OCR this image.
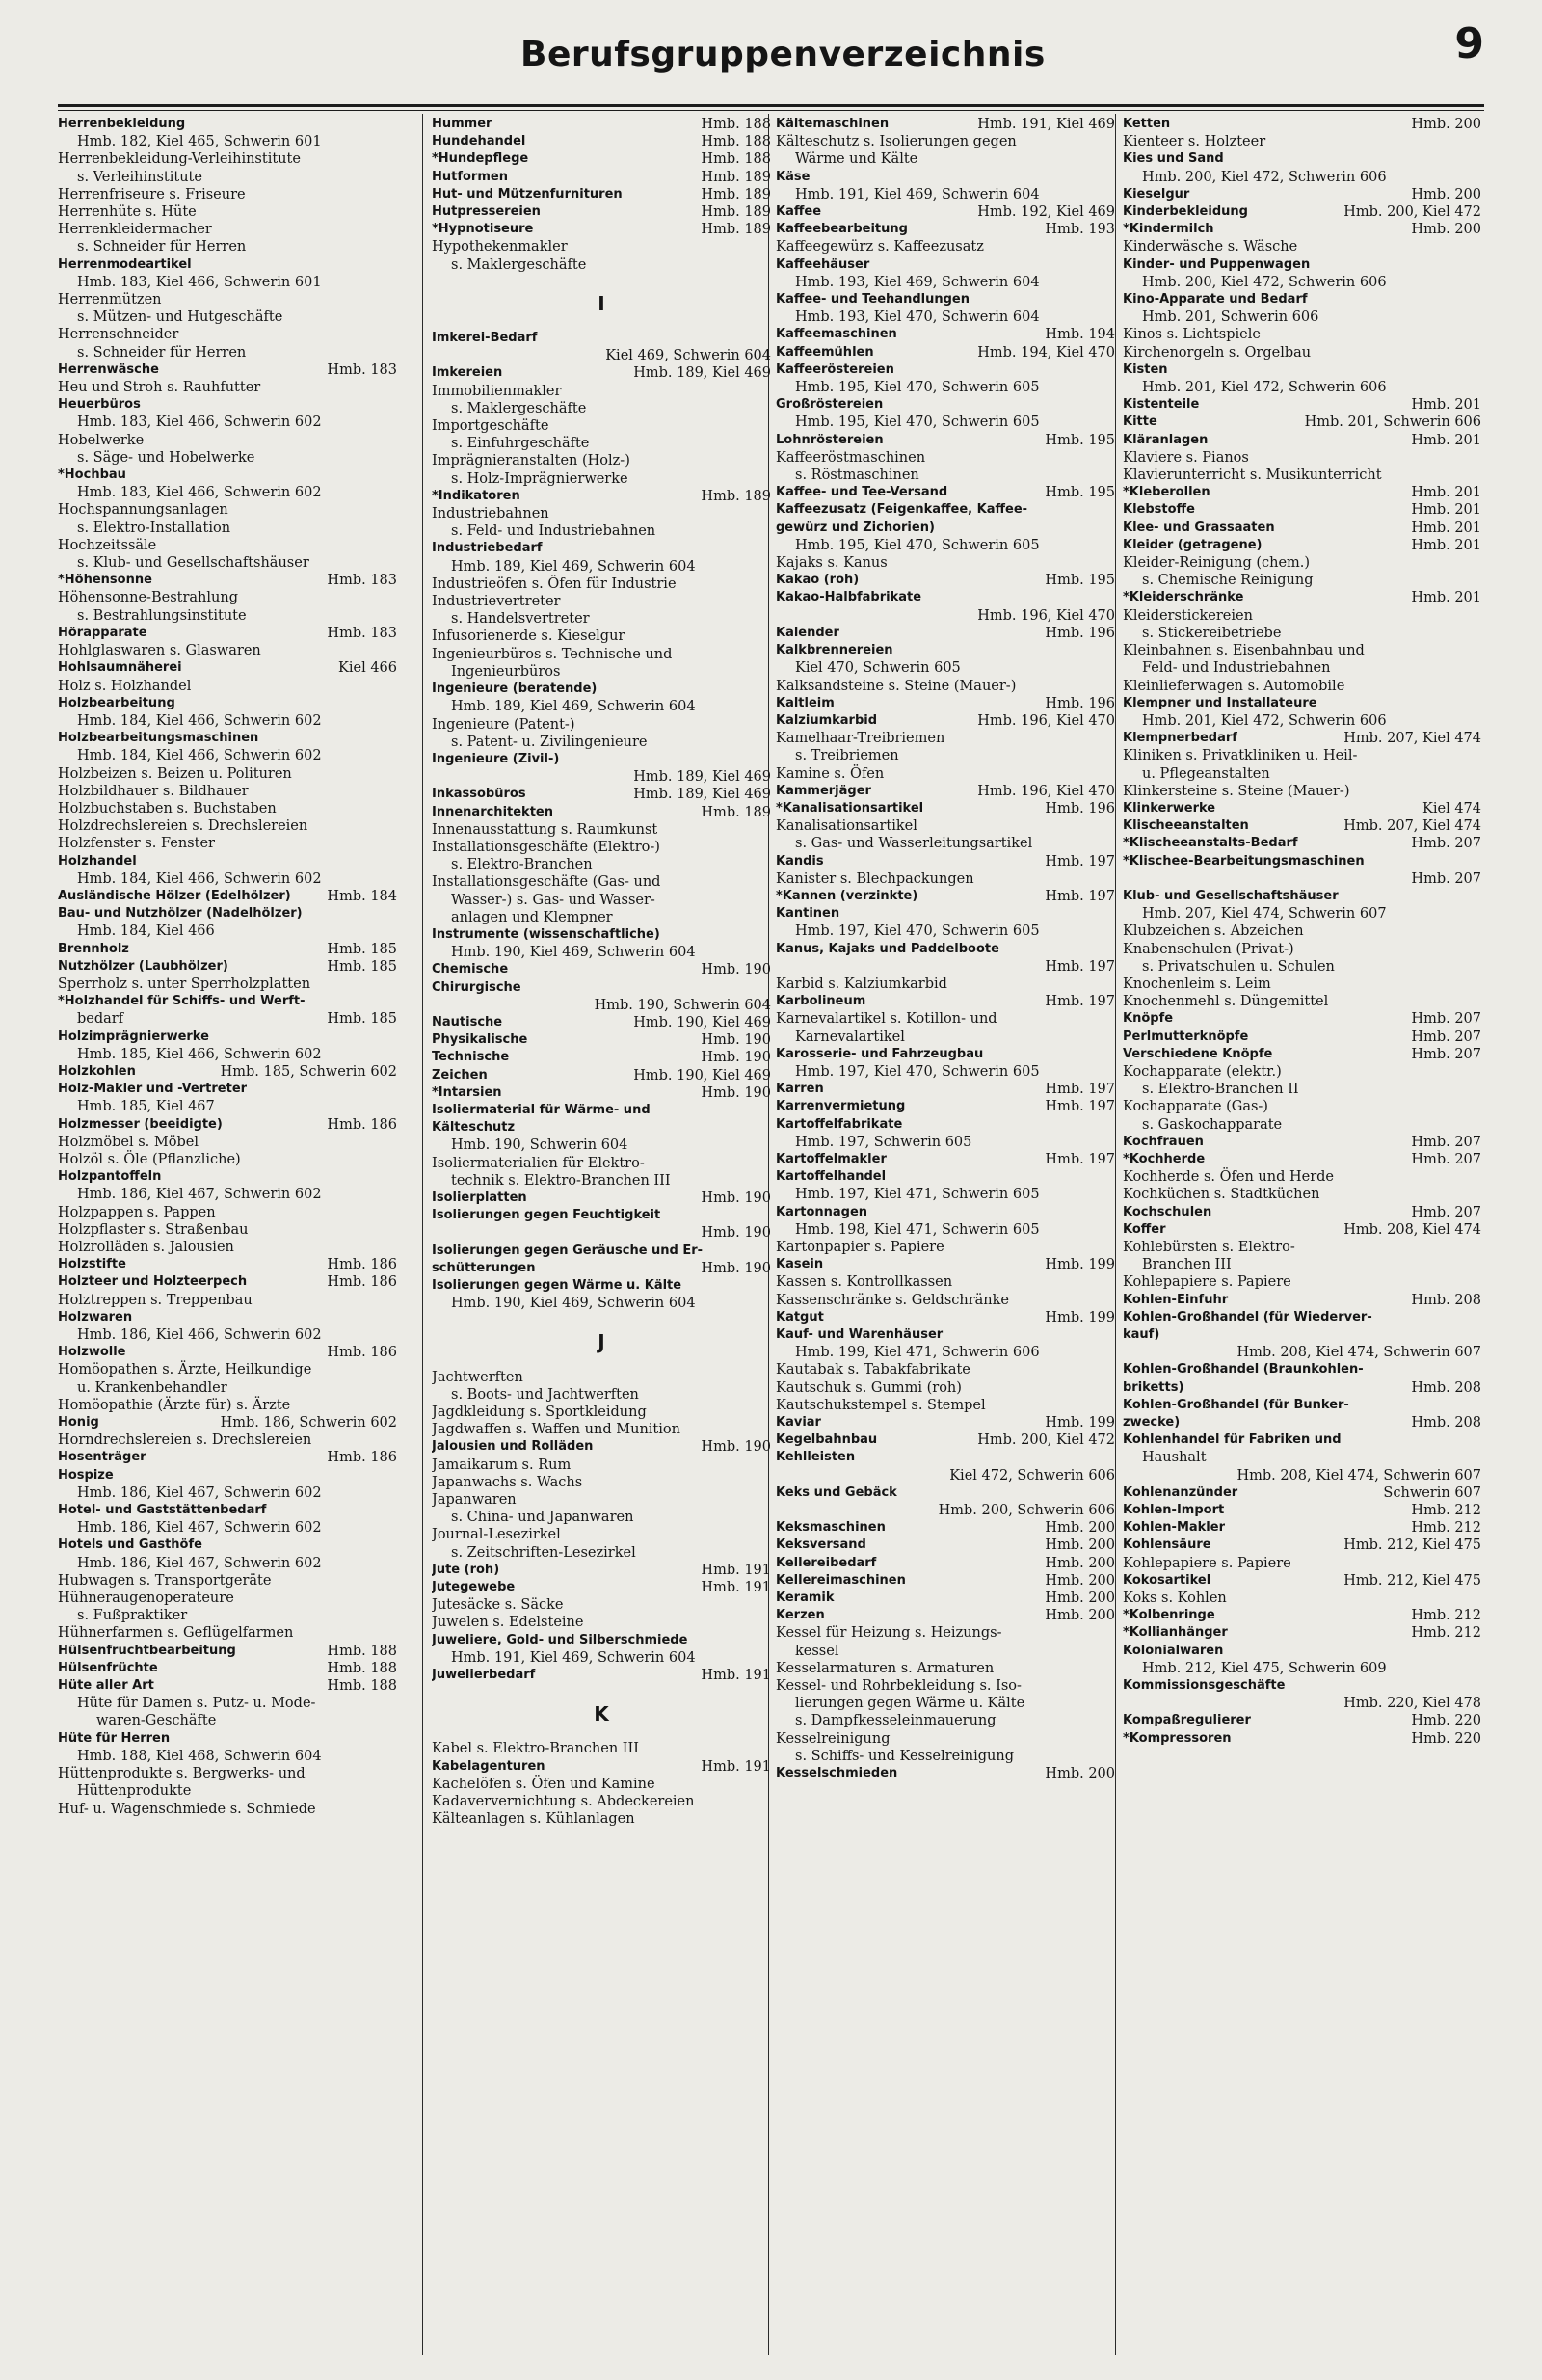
Berufsgruppenverzeichnis	9
Herrenbekleidung
Hmb. 182, Kiel 465, Schwerin 601
Herrenbekleidung-Verleihinstitute
s. Verleihinstitute
Herrenfriseure s. Friseure
Herrenhüte s. Hüte
Herrenkleidermacher
s. Schneider für Herren
Herrenmodeartikel
Hmb. 183, Kiel 466, Schwerin 601
Herrenmützen
s. Mützen- und Hutgeschäfte
Herrenschneider
s. Schneider für Herren
Herrenwäsche	Hmb. 183
Heu und Stroh s. Rauhfutter
Heuerbüros
Hmb. 183, Kiel 466, Schwerin 602
Hobelwerke
s. Säge- und Hobelwerke
*Hochbau
Hmb. 183, Kiel 466, Schwerin 602
Hochspannungsanlagen
s. Elektro-Installation
Hochzeitssäle
s. Klub- und Gesellschaftshäuser
*Höhensonne	Hmb. 183
Höhensonne-Bestrahlung
s. Bestrahlungsinstitute
Hörapparate	Hmb. 183
Hohlglaswaren s. Glaswaren
Hohlsaumnäherei	Kiel 466
Holz s. Holzhandel
Holzbearbeitung
Hmb. 184, Kiel 466, Schwerin 602
Holzbearbeitungsmaschinen
Hmb. 184, Kiel 466, Schwerin 602
Holzbeizen s. Beizen u. Polituren
Holzbildhauer s. Bildhauer
Holzbuchstaben s. Buchstaben
Holzdrechslereien s. Drechslereien
Holzfenster s. Fenster
Holzhandel
Hmb. 184, Kiel 466, Schwerin 602
Ausländische Hölzer (Edelhölzer)	Hmb. 184
Bau- und Nutzhölzer (Nadelhölzer)
Hmb. 184, Kiel 466
Brennholz	Hmb. 185
Nutzhölzer (Laubhölzer)	Hmb. 185
Sperrholz s. unter Sperrholzplatten
*Holzhandel für Schiffs- und Werft-
bedarf	Hmb. 185
Holzimprägnierwerke
Hmb. 185, Kiel 466, Schwerin 602
Holzkohlen	Hmb. 185, Schwerin 602
Holz-Makler und -Vertreter
Hmb. 185, Kiel 467
Holzmesser (beeidigte)	Hmb. 186
Holzmöbel s. Möbel
Holzöl s. Öle (Pflanzliche)
Holzpantoffeln
Hmb. 186, Kiel 467, Schwerin 602
Holzpappen s. Pappen
Holzpflaster s. Straßenbau
Holzrolläden s. Jalousien
Holzstifte	Hmb. 186
Holzteer und Holzteerpech	Hmb. 186
Holztreppen s. Treppenbau
Holzwaren
Hmb. 186, Kiel 466, Schwerin 602
Holzwolle	Hmb. 186
Homöopathen s. Ärzte, Heilkundige
u. Krankenbehandler
Homöopathie (Ärzte für) s. Ärzte
Honig	Hmb. 186, Schwerin 602
Horndrechslereien s. Drechslereien
Hosenträger	Hmb. 186
Hospize
Hmb. 186, Kiel 467, Schwerin 602
Hotel- und Gaststättenbedarf
Hmb. 186, Kiel 467, Schwerin 602
Hotels und Gasthöfe
Hmb. 186, Kiel 467, Schwerin 602
Hubwagen s. Transportgeräte
Hühneraugenoperateure
s. Fußpraktiker
Hühnerfarmen s. Geflügelfarmen
Hülsenfruchtbearbeitung	Hmb. 188
Hülsenfrüchte	Hmb. 188
Hüte aller Art	Hmb. 188
Hüte für Damen s. Putz- u. Mode-
waren-Geschäfte
Hüte für Herren
Hmb. 188, Kiel 468, Schwerin 604
Hüttenprodukte s. Bergwerks- und
Hüttenprodukte
Huf- u. Wagenschmiede s. Schmiede
Hummer	Hmb. 188
Hundehandel	Hmb. 188
*Hundepflege	Hmb. 188
Hutformen	Hmb. 189
Hut- und Mützenfurnituren	Hmb. 189
Hutpressereien	Hmb. 189
*Hypnotiseure	Hmb. 189
Hypothekenmakler
s. Maklergeschäfte
I
Imkerei-Bedarf
Kiel 469, Schwerin 604
Imkereien	Hmb. 189, Kiel 469
Immobilienmakler
s. Maklergeschäfte
Importgeschäfte
s. Einfuhrgeschäfte
Imprägnieranstalten (Holz-)
s. Holz-Imprägnierwerke
*Indikatoren	Hmb. 189
Industriebahnen
s. Feld- und Industriebahnen
Industriebedarf
Hmb. 189, Kiel 469, Schwerin 604
Industrieöfen s. Öfen für Industrie
Industrievertreter
s. Handelsvertreter
Infusorienerde s. Kieselgur
Ingenieurbüros s. Technische und
Ingenieurbüros
Ingenieure (beratende)
Hmb. 189, Kiel 469, Schwerin 604
Ingenieure (Patent-)
s. Patent- u. Zivilingenieure
Ingenieure (Zivil-)
Hmb. 189, Kiel 469
Inkassobüros	Hmb. 189, Kiel 469
Innenarchitekten	Hmb. 189
Innenausstattung s. Raumkunst
Installationsgeschäfte (Elektro-)
s. Elektro-Branchen
Installationsgeschäfte (Gas- und
Wasser-) s. Gas- und Wasser-
anlagen und Klempner
Instrumente (wissenschaftliche)
Hmb. 190, Kiel 469, Schwerin 604
Chemische	Hmb. 190
Chirurgische
Hmb. 190, Schwerin 604
Nautische	Hmb. 190, Kiel 469
Physikalische	Hmb. 190
Technische	Hmb. 190
Zeichen	Hmb. 190, Kiel 469
*Intarsien	Hmb. 190
Isoliermaterial für Wärme- und
Kälteschutz
Hmb. 190, Schwerin 604
Isoliermaterialien für Elektro-
technik s. Elektro-Branchen III
Isolierplatten	Hmb. 190
Isolierungen gegen Feuchtigkeit
Hmb. 190
Isolierungen gegen Geräusche und Er-
schütterungen	Hmb. 190
Isolierungen gegen Wärme u. Kälte
Hmb. 190, Kiel 469, Schwerin 604
J
Jachtwerften
s. Boots- und Jachtwerften
Jagdkleidung s. Sportkleidung
Jagdwaffen s. Waffen und Munition
Jalousien und Rolläden	Hmb. 190
Jamaikarum s. Rum
Japanwachs s. Wachs
Japanwaren
s. China- und Japanwaren
Journal-Lesezirkel
s. Zeitschriften-Lesezirkel
Jute (roh)	Hmb. 191
Jutegewebe	Hmb. 191
Jutesäcke s. Säcke
Juwelen s. Edelsteine
Juweliere, Gold- und Silberschmiede
Hmb. 191, Kiel 469, Schwerin 604
Juwelierbedarf	Hmb. 191
K
Kabel s. Elektro-Branchen III
Kabelagenturen	Hmb. 191
Kachelöfen s. Öfen und Kamine
Kadaververnichtung s. Abdeckereien
Kälteanlagen s. Kühlanlagen
Kältemaschinen	Hmb. 191, Kiel 469
Kälteschutz s. Isolierungen gegen
Wärme und Kälte
Käse
Hmb. 191, Kiel 469, Schwerin 604
Kaffee	Hmb. 192, Kiel 469
Kaffeebearbeitung	Hmb. 193
Kaffeegewürz s. Kaffeezusatz
Kaffeehäuser
Hmb. 193, Kiel 469, Schwerin 604
Kaffee- und Teehandlungen
Hmb. 193, Kiel 470, Schwerin 604
Kaffeemaschinen	Hmb. 194
Kaffeemühlen	Hmb. 194, Kiel 470
Kaffeeröstereien
Hmb. 195, Kiel 470, Schwerin 605
Großröstereien
Hmb. 195, Kiel 470, Schwerin 605
Lohnröstereien	Hmb. 195
Kaffeeröstmaschinen
s. Röstmaschinen
Kaffee- und Tee-Versand	Hmb. 195
Kaffeezusatz (Feigenkaffee, Kaffee-
gewürz und Zichorien)
Hmb. 195, Kiel 470, Schwerin 605
Kajaks s. Kanus
Kakao (roh)	Hmb. 195
Kakao-Halbfabrikate
Hmb. 196, Kiel 470
Kalender	Hmb. 196
Kalkbrennereien
Kiel 470, Schwerin 605
Kalksandsteine s. Steine (Mauer-)
Kaltleim	Hmb. 196
Kalziumkarbid	Hmb. 196, Kiel 470
Kamelhaar-Treibriemen
s. Treibriemen
Kamine s. Öfen
Kammerjäger	Hmb. 196, Kiel 470
*Kanalisationsartikel	Hmb. 196
Kanalisationsartikel
s. Gas- und Wasserleitungsartikel
Kandis	Hmb. 197
Kanister s. Blechpackungen
*Kannen (verzinkte)	Hmb. 197
Kantinen
Hmb. 197, Kiel 470, Schwerin 605
Kanus, Kajaks und Paddelboote
Hmb. 197
Karbid s. Kalziumkarbid
Karbolineum	Hmb. 197
Karnevalartikel s. Kotillon- und
Karnevalartikel
Karosserie- und Fahrzeugbau
Hmb. 197, Kiel 470, Schwerin 605
Karren	Hmb. 197
Karrenvermietung	Hmb. 197
Kartoffelfabrikate
Hmb. 197, Schwerin 605
Kartoffelmakler	Hmb. 197
Kartoffelhandel
Hmb. 197, Kiel 471, Schwerin 605
Kartonnagen
Hmb. 198, Kiel 471, Schwerin 605
Kartonpapier s. Papiere
Kasein	Hmb. 199
Kassen s. Kontrollkassen
Kassenschränke s. Geldschränke
Katgut	Hmb. 199
Kauf- und Warenhäuser
Hmb. 199, Kiel 471, Schwerin 606
Kautabak s. Tabakfabrikate
Kautschuk s. Gummi (roh)
Kautschukstempel s. Stempel
Kaviar	Hmb. 199
Kegelbahnbau	Hmb. 200, Kiel 472
Kehlleisten
Kiel 472, Schwerin 606
Keks und Gebäck
Hmb. 200, Schwerin 606
Keksmaschinen	Hmb. 200
Keksversand	Hmb. 200
Kellereibedarf	Hmb. 200
Kellereimaschinen	Hmb. 200
Keramik	Hmb. 200
Kerzen	Hmb. 200
Kessel für Heizung s. Heizungs-
kessel
Kesselarmaturen s. Armaturen
Kessel- und Rohrbekleidung s. Iso-
lierungen gegen Wärme u. Kälte
s. Dampfkesseleinmauerung
Kesselreinigung
s. Schiffs- und Kesselreinigung
Kesselschmieden	Hmb. 200
Ketten	Hmb. 200
Kienteer s. Holzteer
Kies und Sand
Hmb. 200, Kiel 472, Schwerin 606
Kieselgur	Hmb. 200
Kinderbekleidung	Hmb. 200, Kiel 472
*Kindermilch	Hmb. 200
Kinderwäsche s. Wäsche
Kinder- und Puppenwagen
Hmb. 200, Kiel 472, Schwerin 606
Kino-Apparate und Bedarf
Hmb. 201, Schwerin 606
Kinos s. Lichtspiele
Kirchenorgeln s. Orgelbau
Kisten
Hmb. 201, Kiel 472, Schwerin 606
Kistenteile	Hmb. 201
Kitte	Hmb. 201, Schwerin 606
Kläranlagen	Hmb. 201
Klaviere s. Pianos
Klavierunterricht s. Musikunterricht
*Kleberollen	Hmb. 201
Klebstoffe	Hmb. 201
Klee- und Grassaaten	Hmb. 201
Kleider (getragene)	Hmb. 201
Kleider-Reinigung (chem.)
s. Chemische Reinigung
*Kleiderschränke	Hmb. 201
Kleiderstickereien
s. Stickereibetriebe
Kleinbahnen s. Eisenbahnbau und
Feld- und Industriebahnen
Kleinlieferwagen s. Automobile
Klempner und Installateure
Hmb. 201, Kiel 472, Schwerin 606
Klempnerbedarf	Hmb. 207, Kiel 474
Kliniken s. Privatkliniken u. Heil-
u. Pflegeanstalten
Klinkersteine s. Steine (Mauer-)
Klinkerwerke	Kiel 474
Klischeeanstalten	Hmb. 207, Kiel 474
*Klischeeanstalts-Bedarf	Hmb. 207
*Klischee-Bearbeitungsmaschinen
Hmb. 207
Klub- und Gesellschaftshäuser
Hmb. 207, Kiel 474, Schwerin 607
Klubzeichen s. Abzeichen
Knabenschulen (Privat-)
s. Privatschulen u. Schulen
Knochenleim s. Leim
Knochenmehl s. Düngemittel
Knöpfe	Hmb. 207
Perlmutterknöpfe	Hmb. 207
Verschiedene Knöpfe	Hmb. 207
Kochapparate (elektr.)
s. Elektro-Branchen II
Kochapparate (Gas-)
s. Gaskochapparate
Kochfrauen	Hmb. 207
*Kochherde	Hmb. 207
Kochherde s. Öfen und Herde
Kochküchen s. Stadtküchen
Kochschulen	Hmb. 207
Koffer	Hmb. 208, Kiel 474
Kohlebürsten s. Elektro-
Branchen III
Kohlepapiere s. Papiere
Kohlen-Einfuhr	Hmb. 208
Kohlen-Großhandel (für Wiederver-
kauf)
Hmb. 208, Kiel 474, Schwerin 607
Kohlen-Großhandel (Braunkohlen-
briketts)	Hmb. 208
Kohlen-Großhandel (für Bunker-
zwecke)	Hmb. 208
Kohlenhandel für Fabriken und
Haushalt
Hmb. 208, Kiel 474, Schwerin 607
Kohlenanzünder	Schwerin 607
Kohlen-Import	Hmb. 212
Kohlen-Makler	Hmb. 212
Kohlensäure	Hmb. 212, Kiel 475
Kohlepapiere s. Papiere
Kokosartikel	Hmb. 212, Kiel 475
Koks s. Kohlen
*Kolbenringe	Hmb. 212
*Kollianhänger	Hmb. 212
Kolonialwaren
Hmb. 212, Kiel 475, Schwerin 609
Kommissionsgeschäfte
Hmb. 220, Kiel 478
Kompaßregulierer	Hmb. 220
*Kompressoren	Hmb. 220
